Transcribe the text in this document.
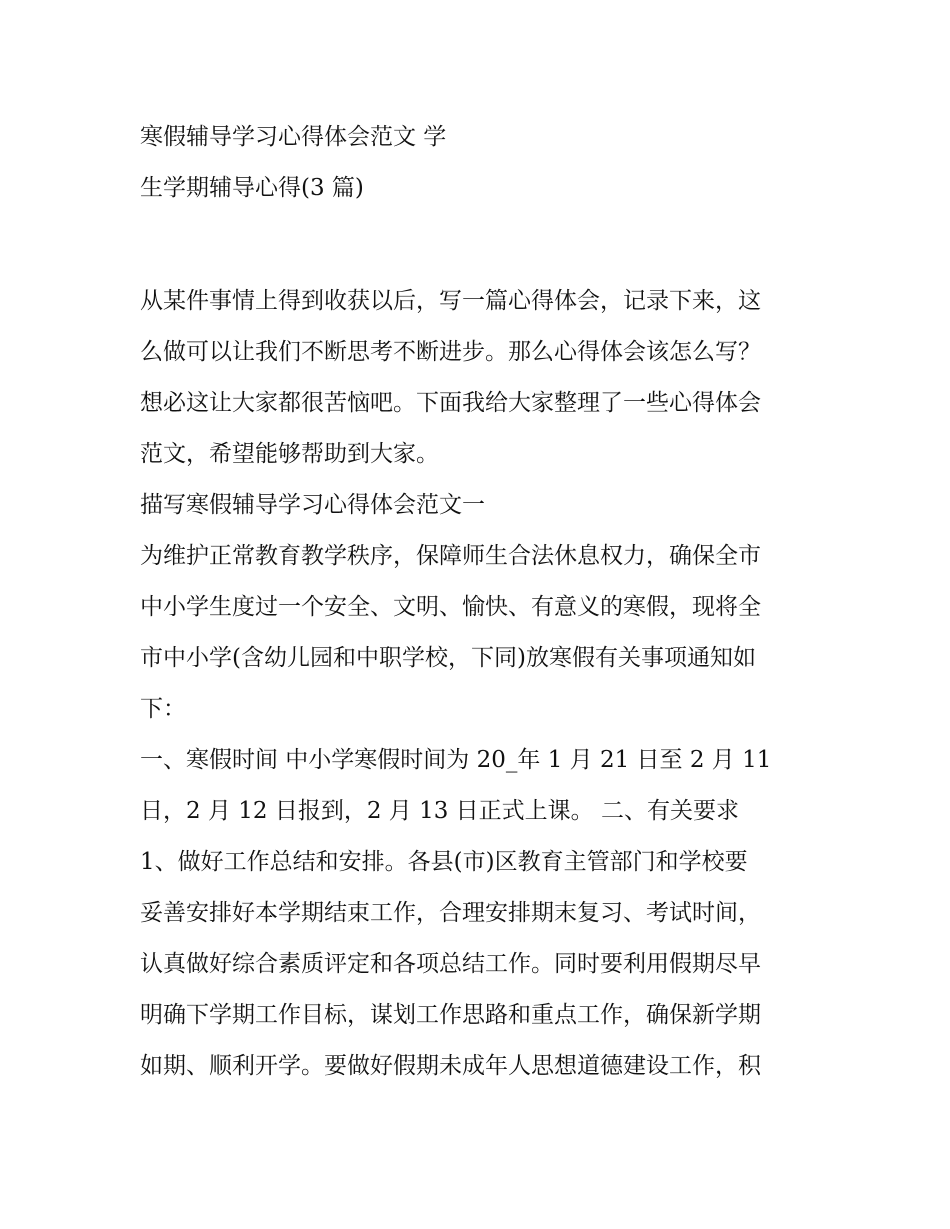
寒假辅导学习心得体会范文 学
生学期辅导心得(3 篇)
从某件事情上得到收获以后，写一篇心得体会，记录下来，这
么做可以让我们不断思考不断进步。那么心得体会该怎么写？
想必这让大家都很苦恼吧。下面我给大家整理了一些心得体会
范文，希望能够帮助到大家。
描写寒假辅导学习心得体会范文一
为维护正常教育教学秩序，保障师生合法休息权力，确保全市
中小学生度过一个安全、文明、愉快、有意义的寒假，现将全
市中小学(含幼儿园和中职学校，下同)放寒假有关事项通知如
下：
一、寒假时间 中小学寒假时间为 20_年 1 月 21 日至 2 月 11
日，2 月 12 日报到，2 月 13 日正式上课。 二、有关要求
1、做好工作总结和安排。各县(市)区教育主管部门和学校要
妥善安排好本学期结束工作，合理安排期末复习、考试时间，
认真做好综合素质评定和各项总结工作。同时要利用假期尽早
明确下学期工作目标，谋划工作思路和重点工作，确保新学期
如期、顺利开学。要做好假期未成年人思想道德建设工作，积
